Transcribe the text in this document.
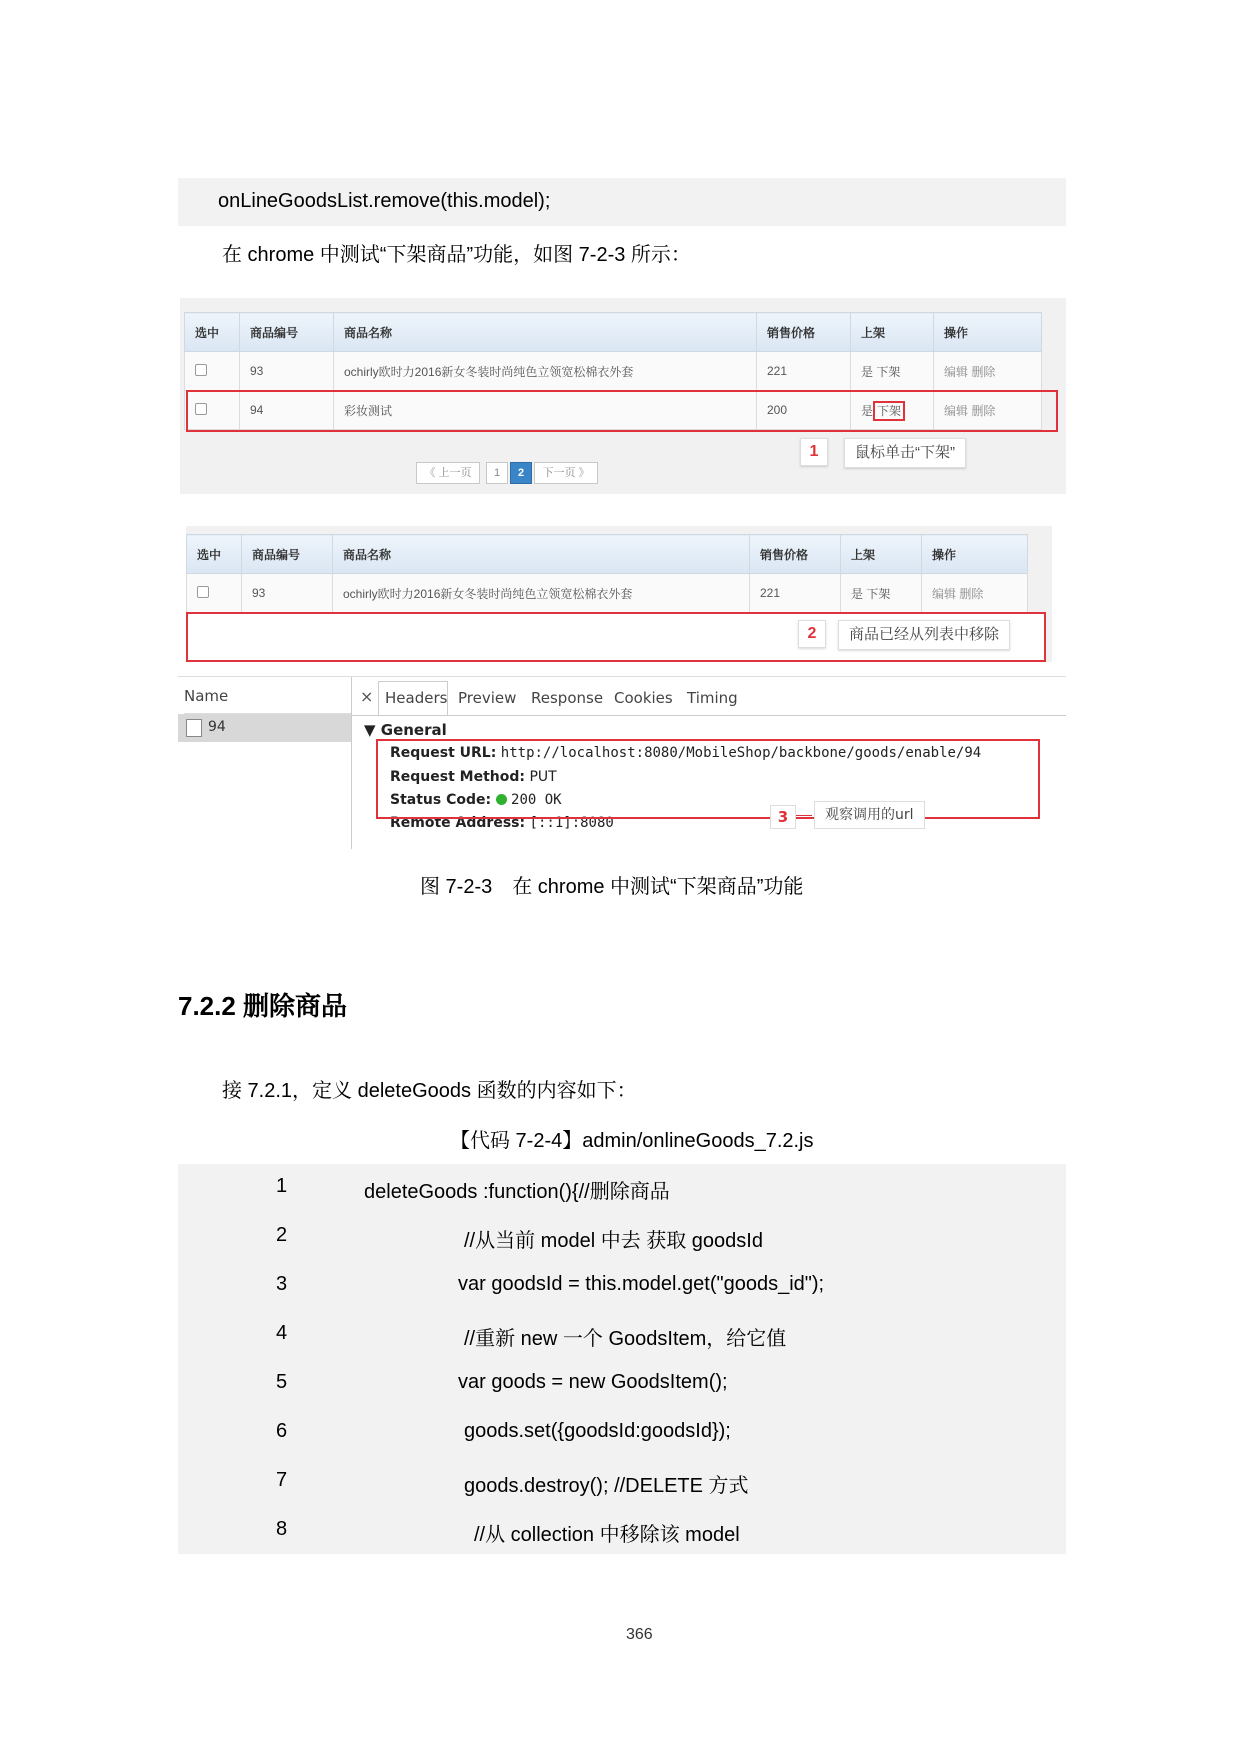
onLineGoodsList.remove(this.model);
在 chrome 中测试“下架商品”功能，如图 7-2-3 所示：
选中	商品编号	商品名称	销售价格	上架	操作
	93	ochirly欧时力2016新女冬装时尚纯色立领宽松棉衣外套	221	是 下架	编辑 删除
	94	彩妆测试	200	是 下架	编辑 删除
《 上一页	1	2	下一页 》
1	鼠标单击“下架”
选中	商品编号	商品名称	销售价格	上架	操作
	93	ochirly欧时力2016新女冬装时尚纯色立领宽松棉衣外套	221	是 下架	编辑 删除
2	商品已经从列表中移除
Name
94
× Headers Preview Response Cookies Timing
▼ General
Request URL: http://localhost:8080/MobileShop/backbone/goods/enable/94
Request Method: PUT
Status Code: 200 OK
Remote Address: [::1]:8080	3	观察调用的url
图 7-2-3　在 chrome 中测试“下架商品”功能
7.2.2 删除商品
接 7.2.1，定义 deleteGoods 函数的内容如下：
【代码 7-2-4】admin/onlineGoods_7.2.js
1	deleteGoods :function(){//删除商品
2	//从当前 model 中去 获取 goodsId
3	var goodsId = this.model.get("goods_id");
4	//重新 new 一个 GoodsItem，给它值
5	var goods = new GoodsItem();
6	goods.set({goodsId:goodsId});
7	goods.destroy(); //DELETE 方式
8	//从 collection 中移除该 model
366
